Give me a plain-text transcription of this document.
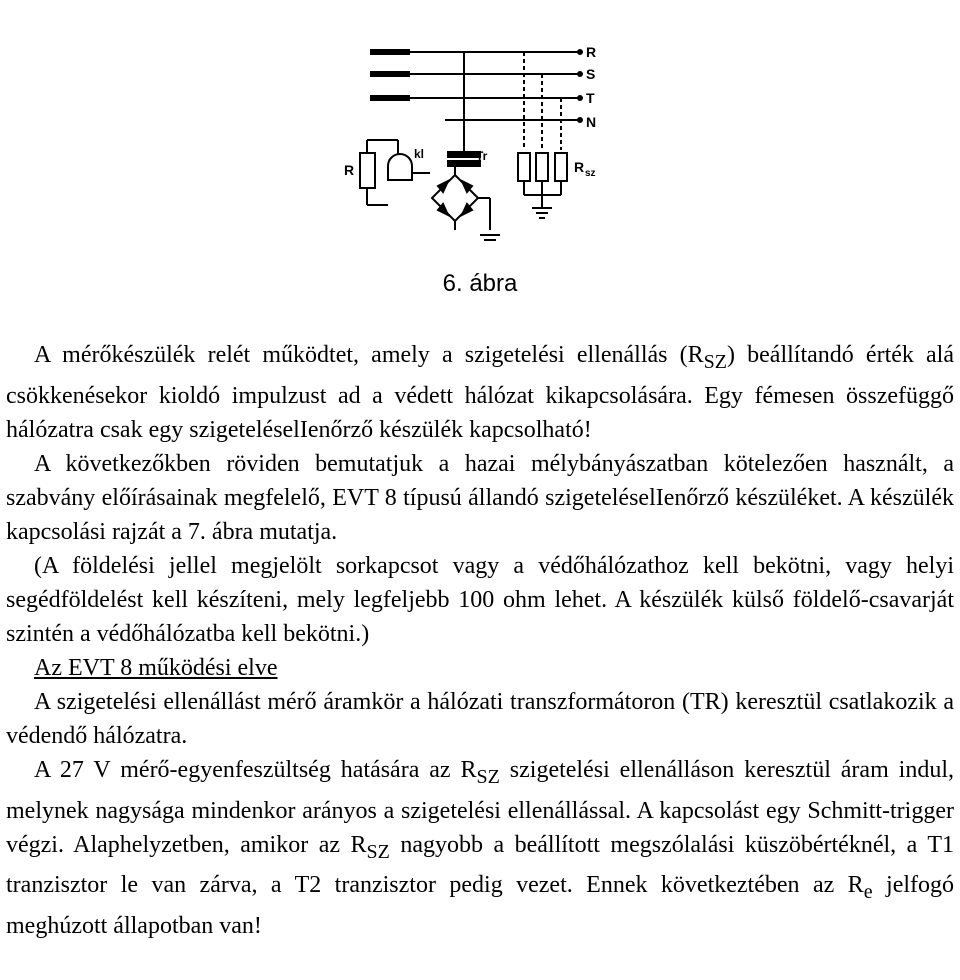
R
S
T
N
R
kl	Tr
R sz
6. ábra

A mérőkészülék relét működtet, amely a szigetelési ellenállás $(R_{SZ})$ beállítandó érték alá csökkenésekor kioldó impulzust ad a védett hálózat kikapcsolására. Egy fémesen összefüggő hálózatra csak egy szigeteléselIenőrző készülék kapcsolható!

A következőkben röviden bemutatjuk a hazai mélybányászatban kötelezően használt, a szabvány előírásainak megfelelő, EVT 8 típusú állandó szigeteléselIenőrző készüléket. A készülék kapcsolási rajzát a 7. ábra mutatja.

(A földelési jellel megjelölt sorkapcsot vagy a védőhálózathoz kell bekötni, vagy helyi segédföldelést kell készíteni, mely legfeljebb 100 ohm lehet. A készülék külső földelő-csavarját szintén a védőhálózatba kell bekötni.)

Az EVT 8 működési elve

A szigetelési ellenállást mérő áramkör a hálózati transzformátoron (TR) keresztül csatlakozik a védendő hálózatra.

A 27 V mérő-egyenfeszültség hatására az $R_{SZ}$ szigetelési ellenálláson keresztül áram indul, melynek nagysága mindenkor arányos a szigetelési ellenállással. A kapcsolást egy Schmitt-trigger végzi. Alaphelyzetben, amikor az $R_{SZ}$ nagyobb a beállított megszólalási küszöbértéknél, a T1 tranzisztor le van zárva, a T2 tranzisztor pedig vezet. Ennek következtében az $R_e$ jelfogó meghúzott állapotban van!
